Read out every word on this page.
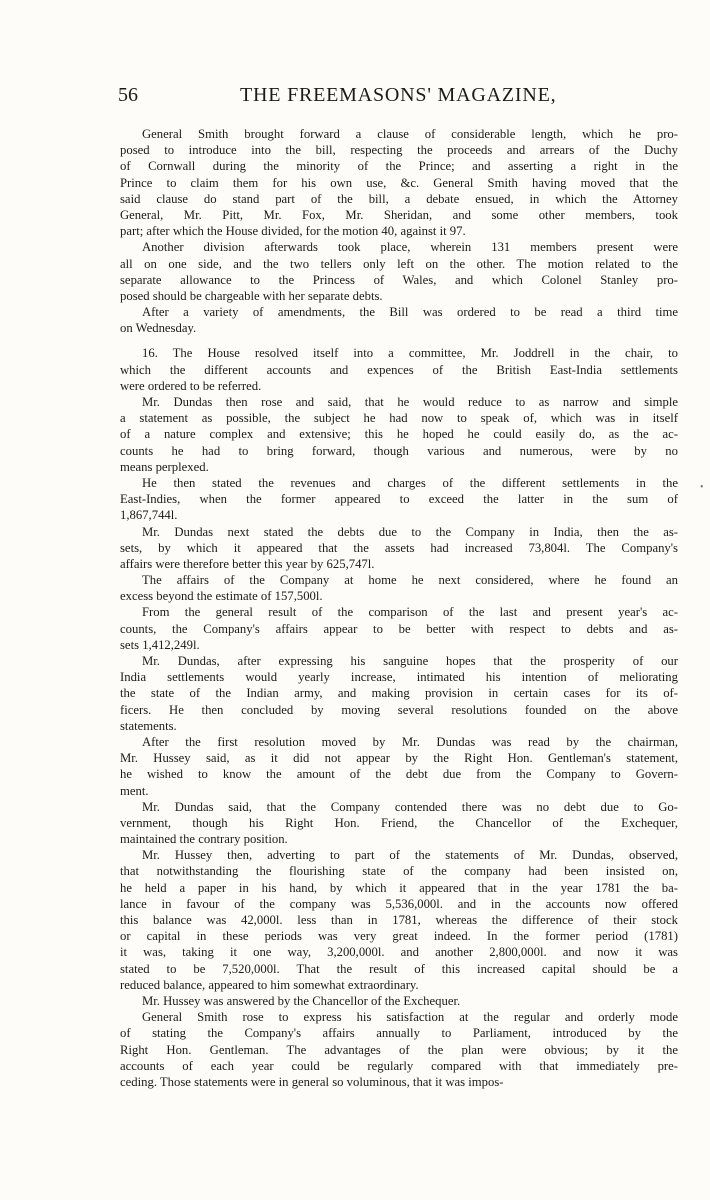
56	THE FREEMASONS' MAGAZINE,
General Smith brought forward a clause of considerable length, which he pro-
posed to introduce into the bill, respecting the proceeds and arrears of the Duchy
of Cornwall during the minority of the Prince; and asserting a right in the
Prince to claim them for his own use, &c. General Smith having moved that the
said clause do stand part of the bill, a debate ensued, in which the Attorney
General, Mr. Pitt, Mr. Fox, Mr. Sheridan, and some other members, took
part; after which the House divided, for the motion 40, against it 97.
Another division afterwards took place, wherein 131 members present were
all on one side, and the two tellers only left on the other. The motion related to the
separate allowance to the Princess of Wales, and which Colonel Stanley pro-
posed should be chargeable with her separate debts.
After a variety of amendments, the Bill was ordered to be read a third time
on Wednesday.
16. The House resolved itself into a committee, Mr. Joddrell in the chair, to
which the different accounts and expences of the British East-India settlements
were ordered to be referred.
Mr. Dundas then rose and said, that he would reduce to as narrow and simple
a statement as possible, the subject he had now to speak of, which was in itself
of a nature complex and extensive; this he hoped he could easily do, as the ac-
counts he had to bring forward, though various and numerous, were by no
means perplexed.
He then stated the revenues and charges of the different settlements in the
East-Indies, when the former appeared to exceed the latter in the sum of
1,867,744l.
Mr. Dundas next stated the debts due to the Company in India, then the as-
sets, by which it appeared that the assets had increased 73,804l. The Company's
affairs were therefore better this year by 625,747l.
The affairs of the Company at home he next considered, where he found an
excess beyond the estimate of 157,500l.
From the general result of the comparison of the last and present year's ac-
counts, the Company's affairs appear to be better with respect to debts and as-
sets 1,412,249l.
Mr. Dundas, after expressing his sanguine hopes that the prosperity of our
India settlements would yearly increase, intimated his intention of meliorating
the state of the Indian army, and making provision in certain cases for its of-
ficers. He then concluded by moving several resolutions founded on the above
statements.
After the first resolution moved by Mr. Dundas was read by the chairman,
Mr. Hussey said, as it did not appear by the Right Hon. Gentleman's statement,
he wished to know the amount of the debt due from the Company to Govern-
ment.
Mr. Dundas said, that the Company contended there was no debt due to Go-
vernment, though his Right Hon. Friend, the Chancellor of the Exchequer,
maintained the contrary position.
Mr. Hussey then, adverting to part of the statements of Mr. Dundas, observed,
that notwithstanding the flourishing state of the company had been insisted on,
he held a paper in his hand, by which it appeared that in the year 1781 the ba-
lance in favour of the company was 5,536,000l. and in the accounts now offered
this balance was 42,000l. less than in 1781, whereas the difference of their stock
or capital in these periods was very great indeed. In the former period (1781)
it was, taking it one way, 3,200,000l. and another 2,800,000l. and now it was
stated to be 7,520,000l. That the result of this increased capital should be a
reduced balance, appeared to him somewhat extraordinary.
Mr. Hussey was answered by the Chancellor of the Exchequer.
General Smith rose to express his satisfaction at the regular and orderly mode
of stating the Company's affairs annually to Parliament, introduced by the
Right Hon. Gentleman. The advantages of the plan were obvious; by it the
accounts of each year could be regularly compared with that immediately pre-
ceding. Those statements were in general so voluminous, that it was impos-
•
